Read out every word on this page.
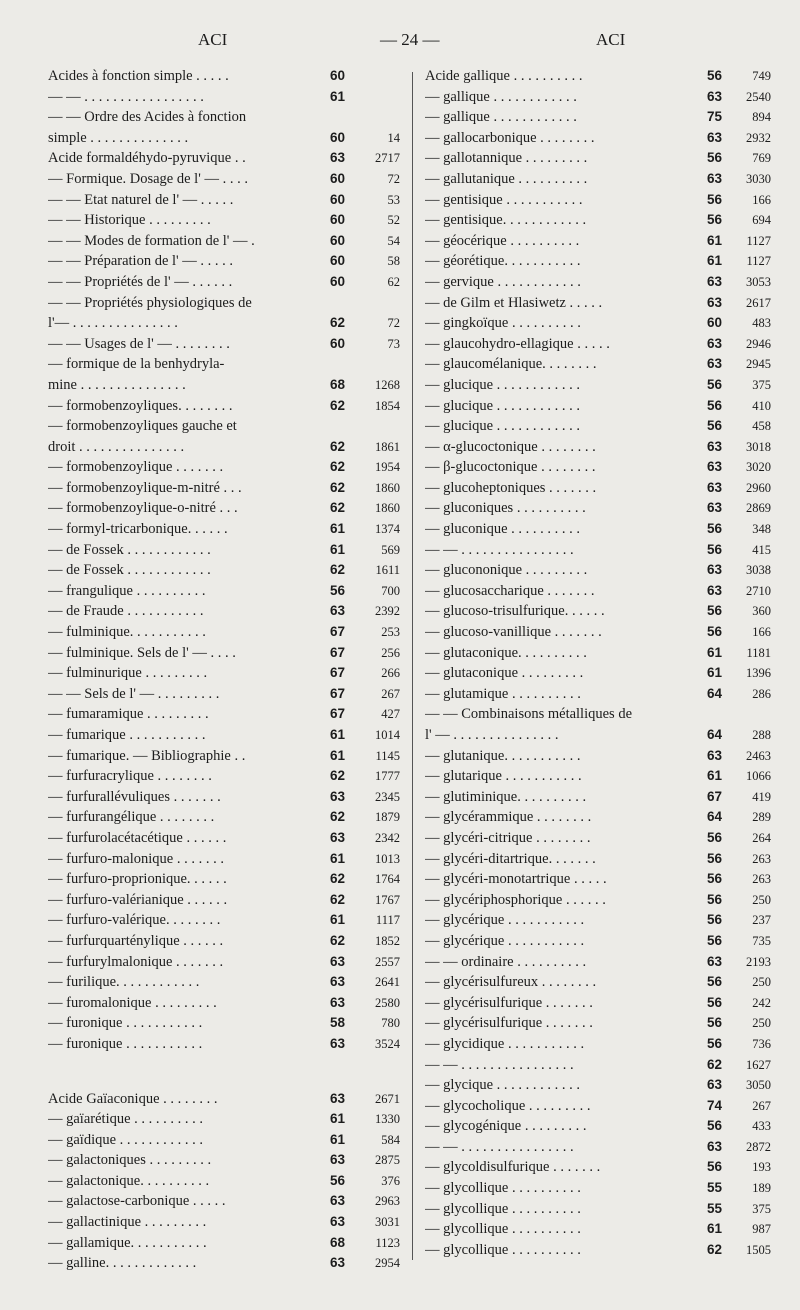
ACI	— 24 —	ACI
Acides à fonction simple . . . . .	60
— — . . . . . . . . . . . . . . . . .	61
— — Ordre des Acides à fonction
simple . . . . . . . . . . . . . .	60	14
Acide formaldéhydo-pyruvique . .	63 2717
— Formique. Dosage de l' — . . . .	60	72
— — Etat naturel de l' — . . . . .	60	53
— — Historique . . . . . . . . .	60	52
— — Modes de formation de l' — .	60	54
— — Préparation de l' — . . . . .	60	58
— — Propriétés de l' — . . . . . .	60	62
— — Propriétés physiologiques de
l'— . . . . . . . . . . . . . . .	62	72
— — Usages de l' — . . . . . . . .	60	73
— formique de la benhydryla-
mine . . . . . . . . . . . . . . .	68 1268
— formobenzoyliques. . . . . . . .	62 1854
— formobenzoyliques gauche et
droit . . . . . . . . . . . . . . .	62 1861
— formobenzoylique . . . . . . .	62 1954
— formobenzoylique-m-nitré . . .	62 1860
— formobenzoylique-o-nitré . . .	62 1860
— formyl-tricarbonique. . . . . .	61 1374
— de Fossek . . . . . . . . . . . .	61	569
— de Fossek . . . . . . . . . . . .	62 1611
— frangulique . . . . . . . . . .	56	700
— de Fraude . . . . . . . . . . .	63 2392
— fulminique. . . . . . . . . . .	67	253
— fulminique. Sels de l' — . . . .	67	256
— fulminurique . . . . . . . . .	67	266
— — Sels de l' — . . . . . . . . .	67	267
— fumaramique . . . . . . . . .	67	427
— fumarique . . . . . . . . . . .	61 1014
— fumarique. — Bibliographie . .	61 1145
— furfuracrylique . . . . . . . .	62 1777
— furfurallévuliques . . . . . . .	63 2345
— furfurangélique . . . . . . . .	62 1879
— furfurolacétacétique . . . . . .	63 2342
— furfuro-malonique . . . . . . .	61 1013
— furfuro-proprionique. . . . . .	62 1764
— furfuro-valérianique . . . . . .	62 1767
— furfuro-valérique. . . . . . . .	61 1117
— furfurquarténylique . . . . . .	62 1852
— furfurylmalonique . . . . . . .	63 2557
— furilique. . . . . . . . . . . .	63 2641
— furomalonique . . . . . . . . .	63 2580
— furonique . . . . . . . . . . .	58	780
— furonique . . . . . . . . . . .	63 3524
Acide Gaïaconique . . . . . . . .	63 2671
— gaïarétique . . . . . . . . . .	61 1330
— gaïdique . . . . . . . . . . . .	61	584
— galactoniques . . . . . . . . .	63 2875
— galactonique. . . . . . . . . .	56	376
— galactose-carbonique . . . . .	63 2963
— gallactinique . . . . . . . . .	63 3031
— gallamique. . . . . . . . . . .	68 1123
— galline. . . . . . . . . . . . .	63 2954
Acide gallique . . . . . . . . . .	56 749
— gallique . . . . . . . . . . . .	63 2540
— gallique . . . . . . . . . . . .	75 894
— gallocarbonique . . . . . . . .	63 2932
— gallotannique . . . . . . . . .	56 769
— gallutanique . . . . . . . . . .	63 3030
— gentisique . . . . . . . . . . .	56 166
— gentisique. . . . . . . . . . . .	56 694
— géocérique . . . . . . . . . .	61 1127
— géorétique. . . . . . . . . . .	61 1127
— gervique . . . . . . . . . . . .	63 3053
— de Gilm et Hlasiwetz . . . . .	63 2617
— gingkoïque . . . . . . . . . .	60 483
— glaucohydro-ellagique . . . . .	63 2946
— glaucomélanique. . . . . . . .	63 2945
— glucique . . . . . . . . . . . .	56 375
— glucique . . . . . . . . . . . .	56 410
— glucique . . . . . . . . . . . .	56 458
— α-glucoctonique . . . . . . . .	63 3018
— β-glucoctonique . . . . . . . .	63 3020
— glucoheptoniques . . . . . . .	63 2960
— gluconiques . . . . . . . . . .	63 2869
— gluconique . . . . . . . . . .	56 348
— — . . . . . . . . . . . . . . . .	56 415
— glucononique . . . . . . . . .	63 3038
— glucosaccharique . . . . . . .	63 2710
— glucoso-trisulfurique. . . . . .	56 360
— glucoso-vanillique . . . . . . .	56 166
— glutaconique. . . . . . . . . .	61 1181
— glutaconique . . . . . . . . .	61 1396
— glutamique . . . . . . . . . .	64 286
— — Combinaisons métalliques de
l' — . . . . . . . . . . . . . . .	64 288
— glutanique. . . . . . . . . . .	63 2463
— glutarique . . . . . . . . . . .	61 1066
— glutiminique. . . . . . . . . .	67 419
— glycérammique . . . . . . . .	64 289
— glycéri-citrique . . . . . . . .	56 264
— glycéri-ditartrique. . . . . . .	56 263
— glycéri-monotartrique . . . . .	56 263
— glycériphosphorique . . . . . .	56 250
— glycérique . . . . . . . . . . .	56 237
— glycérique . . . . . . . . . . .	56 735
— — ordinaire . . . . . . . . . .	63 2193
— glycérisulfureux . . . . . . . .	56 250
— glycérisulfurique . . . . . . .	56 242
— glycérisulfurique . . . . . . .	56 250
— glycidique . . . . . . . . . . .	56 736
— — . . . . . . . . . . . . . . . .	62 1627
— glycique . . . . . . . . . . . .	63 3050
— glycocholique . . . . . . . . .	74 267
— glycogénique . . . . . . . . .	56 433
— — . . . . . . . . . . . . . . . .	63 2872
— glycoldisulfurique . . . . . . .	56 193
— glycollique . . . . . . . . . .	55 189
— glycollique . . . . . . . . . .	55 375
— glycollique . . . . . . . . . .	61 987
— glycollique . . . . . . . . . .	62 1505
